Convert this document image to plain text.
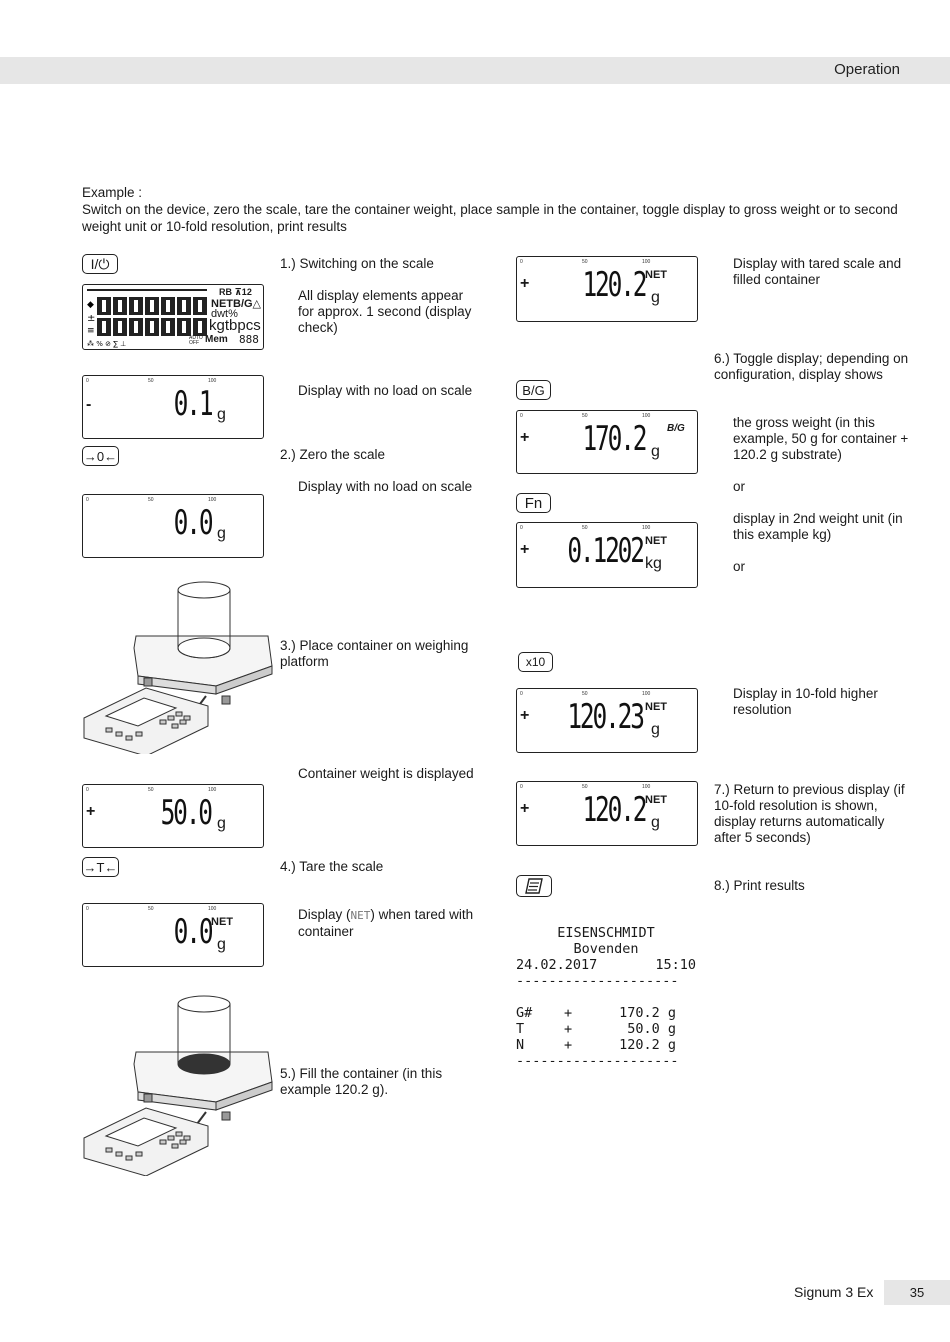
Operation
Example :
Switch on the device, zero the scale, tare the container weight, place sample in the container, toggle display to gross weight or to second weight unit or 10-fold resolution, print results
I/⏻	1.) Switching on the scale
All display elements appear for approx. 1 second (display check)
◆
±
≡
⁂ % ⊘ ∑ ⊥
RB ⊼12
NETB/G△
dwt%
kgtbpcs
AUTO OFF Mem 888
0	50	100
- 0.1 g
Display with no load on scale
→0←	2.) Zero the scale
Display with no load on scale
0	50	100
0.0 g
3.) Place container on weighing platform
Container weight is displayed
0	50	100
+ 50.0 g
→T←	4.) Tare the scale
Display (NET) when tared with container
0	50	100
0.0 NET
g
5.) Fill the container (in this example 120.2 g).
0	50	100
+ 120.2 NET
g
Display with tared scale and filled container
6.) Toggle display; depending on configuration, display shows
B/G
0	50	100
+ 170.2 B/G
g
the gross weight (in this example, 50 g for container + 120.2 g substrate)
or
Fn
0	50	100
+ 0.1202 NET
kg
display in 2nd weight unit (in this example kg)
or
x10
0	50	100
+ 120.23 NET
g
Display in 10-fold higher resolution
0	50	100
+ 120.2 NET
g
7.) Return to previous display (if 10-fold resolution is shown, display returns automatically after 5 seconds)
8.) Print results
EISENSCHMIDT
Bovenden
24.02.2017	15:10
--------------------
G#	+	170.2 g
T	+	50.0 g
N	+	120.2 g
--------------------
Signum 3 Ex	35
